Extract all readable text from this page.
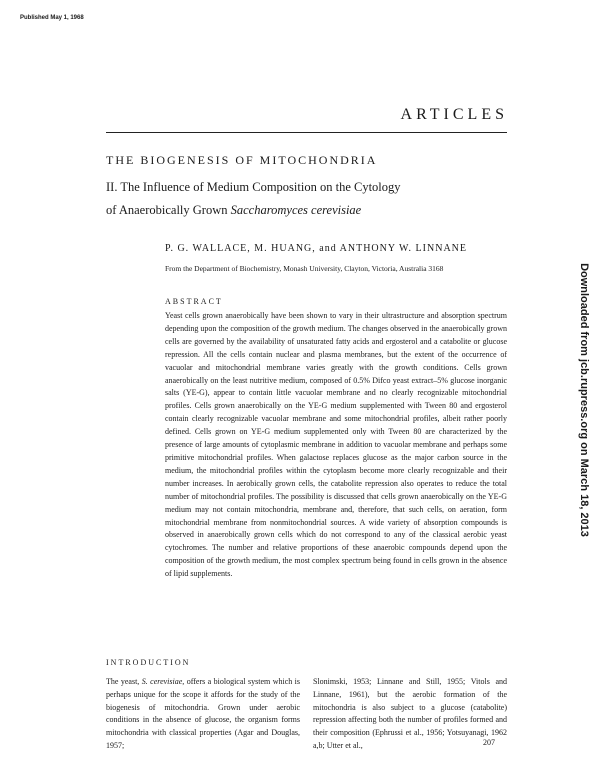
Published May 1, 1968
Downloaded from jcb.rupress.org on March 18, 2013
ARTICLES
THE BIOGENESIS OF MITOCHONDRIA
II. The Influence of Medium Composition on the Cytology
of Anaerobically Grown Saccharomyces cerevisiae
P. G. WALLACE, M. HUANG, and ANTHONY W. LINNANE
From the Department of Biochemistry, Monash University, Clayton, Victoria, Australia 3168
ABSTRACT

Yeast cells grown anaerobically have been shown to vary in their ultrastructure and absorption spectrum depending upon the composition of the growth medium. The changes observed in the anaerobically grown cells are governed by the availability of unsaturated fatty acids and ergosterol and a catabolite or glucose repression. All the cells contain nuclear and plasma membranes, but the extent of the occurrence of vacuolar and mitochondrial membrane varies greatly with the growth conditions. Cells grown anaerobically on the least nutritive medium, composed of 0.5% Difco yeast extract–5% glucose inorganic salts (YE-G), appear to contain little vacuolar membrane and no clearly recognizable mitochondrial profiles. Cells grown anaerobically on the YE-G medium supplemented with Tween 80 and ergosterol contain clearly recognizable vacuolar membrane and some mitochondrial profiles, albeit rather poorly defined. Cells grown on YE-G medium supplemented only with Tween 80 are characterized by the presence of large amounts of cytoplasmic membrane in addition to vacuolar membrane and perhaps some primitive mitochondrial profiles. When galactose replaces glucose as the major carbon source in the medium, the mitochondrial profiles within the cytoplasm become more clearly recognizable and their number increases. In aerobically grown cells, the catabolite repression also operates to reduce the total number of mitochondrial profiles. The possibility is discussed that cells grown anaerobically on the YE-G medium may not contain mitochondria, membrane and, therefore, that such cells, on aeration, form mitochondrial membrane from nonmitochondrial sources. A wide variety of absorption compounds is observed in anaerobically grown cells which do not correspond to any of the classical aerobic yeast cytochromes. The number and relative proportions of these anaerobic compounds depend upon the composition of the growth medium, the most complex spectrum being found in cells grown in the absence of lipid supplements.

INTRODUCTION

The yeast, S. cerevisiae, offers a biological system which is perhaps unique for the scope it affords for the study of the biogenesis of mitochondria. Grown under aerobic conditions in the absence of glucose, the organism forms mitochondria with classical properties (Agar and Douglas, 1957;

Slonimski, 1953; Linnane and Still, 1955; Vitols and Linnane, 1961), but the aerobic formation of the mitochondria is also subject to a glucose (catabolite) repression affecting both the number of profiles formed and their composition (Ephrussi et al., 1956; Yotsuyanagi, 1962 a,b; Utter et al.,	207
